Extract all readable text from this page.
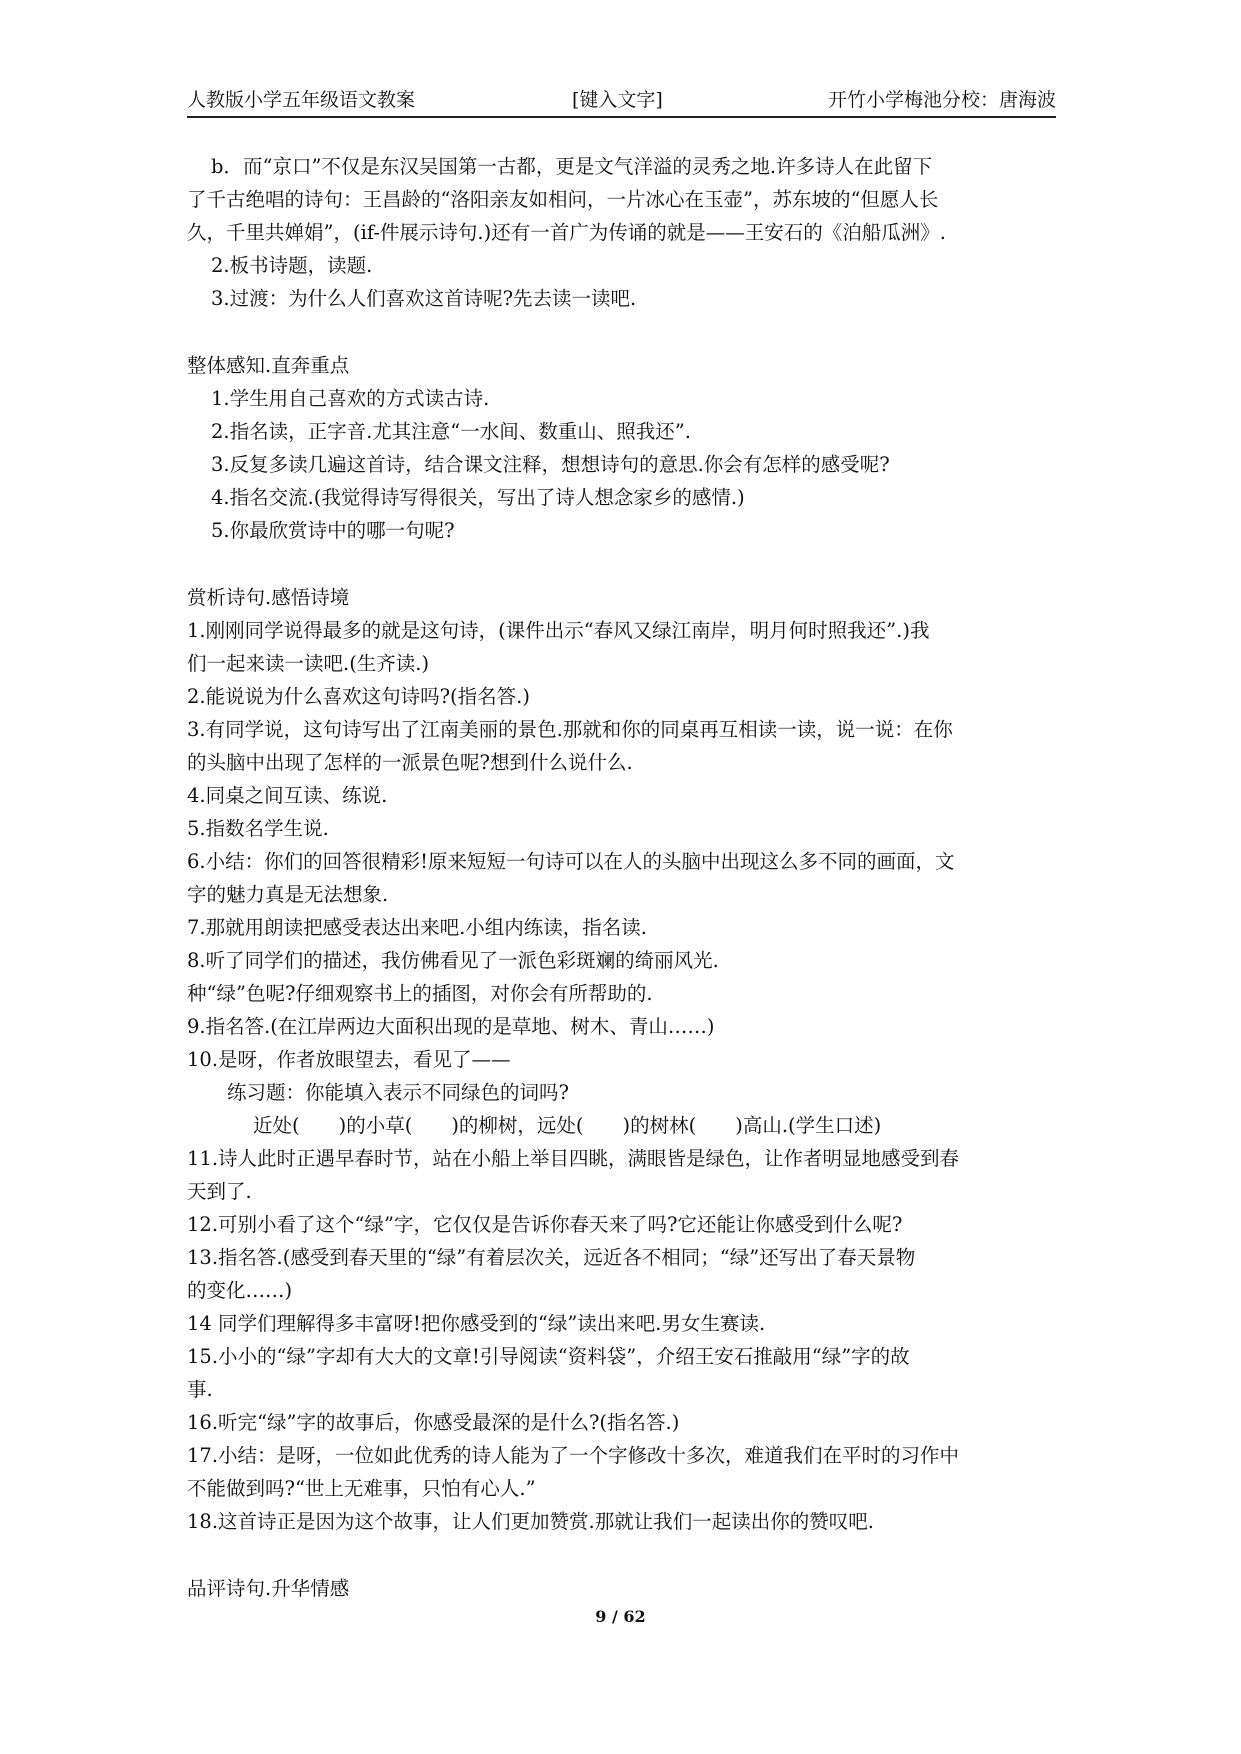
人教版小学五年级语文教案	[键入文字]	开竹小学梅池分校：唐海波

b．而“京口”不仅是东汉吴国第一古都，更是文气洋溢的灵秀之地.许多诗人在此留下

了千古绝唱的诗句：王昌龄的“洛阳亲友如相问，一片冰心在玉壶”，苏东坡的“但愿人长

久，千里共婵娟”，(if-件展示诗句.)还有一首广为传诵的就是——王安石的《泊船瓜洲》.

2.板书诗题，读题.

3.过渡：为什么人们喜欢这首诗呢?先去读一读吧.

整体感知.直奔重点

1.学生用自己喜欢的方式读古诗.

2.指名读，正字音.尤其注意“一水间、数重山、照我还”.

3.反复多读几遍这首诗，结合课文注释，想想诗句的意思.你会有怎样的感受呢?

4.指名交流.(我觉得诗写得很关，写出了诗人想念家乡的感情.)

5.你最欣赏诗中的哪一句呢?

赏析诗句.感悟诗境

1.刚刚同学说得最多的就是这句诗，(课件出示“春风又绿江南岸，明月何时照我还”.)我

们一起来读一读吧.(生齐读.)

2.能说说为什么喜欢这句诗吗?(指名答.)

3.有同学说，这句诗写出了江南美丽的景色.那就和你的同桌再互相读一读，说一说：在你

的头脑中出现了怎样的一派景色呢?想到什么说什么.

4.同桌之间互读、练说.

5.指数名学生说.

6.小结：你们的回答很精彩!原来短短一句诗可以在人的头脑中出现这么多不同的画面，文

字的魅力真是无法想象.

7.那就用朗读把感受表达出来吧.小组内练读，指名读.

8.听了同学们的描述，我仿佛看见了一派色彩斑斓的绮丽风光.

种“绿”色呢?仔细观察书上的插图，对你会有所帮助的.

9.指名答.(在江岸两边大面积出现的是草地、树木、青山……)

10.是呀，作者放眼望去，看见了——

练习题：你能填入表示不同绿色的词吗?

近处(　　)的小草(　　)的柳树，远处(　　)的树林(　　)高山.(学生口述)

11.诗人此时正遇早春时节，站在小船上举目四眺，满眼皆是绿色，让作者明显地感受到春

天到了.

12.可别小看了这个“绿”字，它仅仅是告诉你春天来了吗?它还能让你感受到什么呢?

13.指名答.(感受到春天里的“绿”有着层次关，远近各不相同；“绿”还写出了春天景物

的变化……)

14 同学们理解得多丰富呀!把你感受到的“绿”读出来吧.男女生赛读.

15.小小的“绿”字却有大大的文章!引导阅读“资料袋”，介绍王安石推敲用“绿”字的故

事.

16.听完“绿”字的故事后，你感受最深的是什么?(指名答.)

17.小结：是呀，一位如此优秀的诗人能为了一个字修改十多次，难道我们在平时的习作中

不能做到吗?“世上无难事，只怕有心人.”

18.这首诗正是因为这个故事，让人们更加赞赏.那就让我们一起读出你的赞叹吧.

品评诗句.升华情感

9 / 62
